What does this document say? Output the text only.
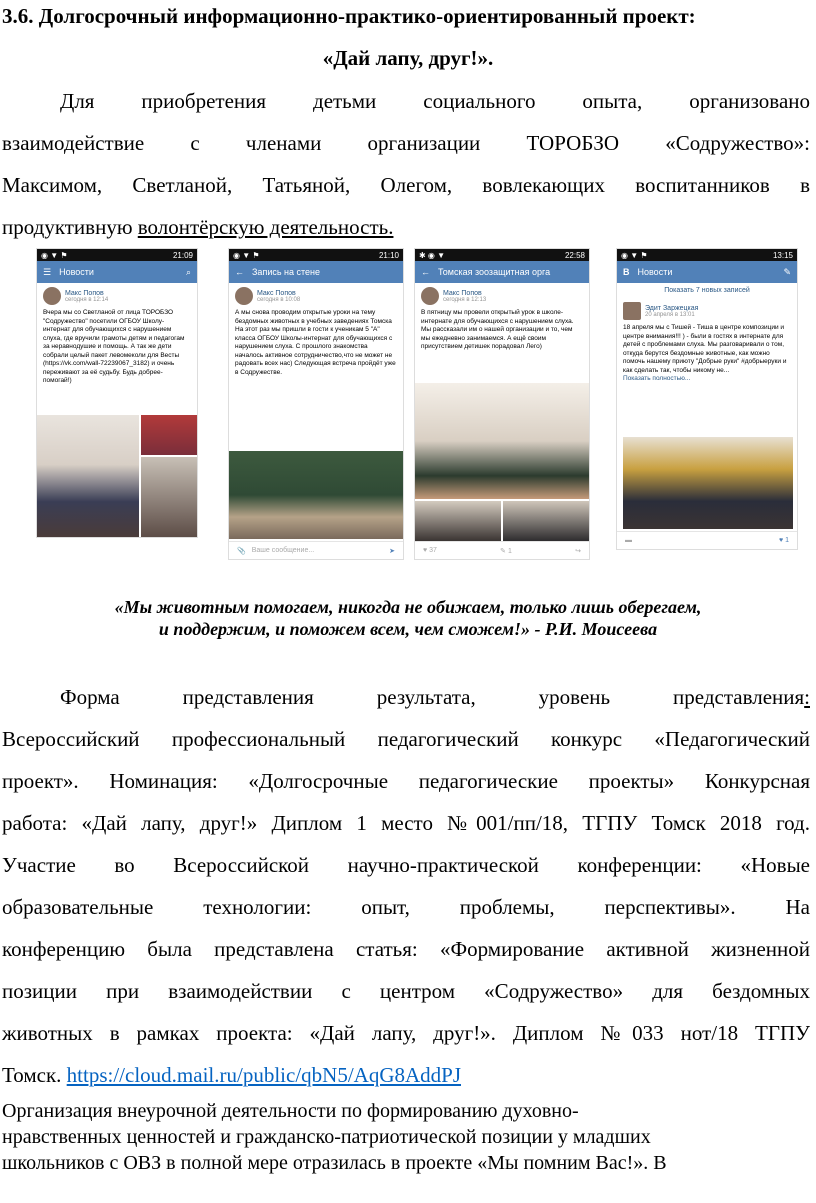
3.6. Долгосрочный информационно-практико-ориентированный проект:
«Дай лапу, друг!».
Для приобретения детьми социального опыта, организовано
взаимодействие с членами организации ТОРОБЗО «Содружество»:
Максимом, Светланой, Татьяной, Олегом, вовлекающих воспитанников в
продуктивную волонтёрскую деятельность.
◉ ▼ ⚑	21:09
☰ Новости	⌕
Макс Попов
сегодня в 12:14
Вчера мы со Светланой от лица ТОРОБЗО "Содружество" посетили ОГБОУ Школу-интернат для обучающихся с нарушением слуха, где вручили грамоты детям и педагогам за неравнодушие и помощь. А так же дети собрали целый пакет левомеколи для Весты (https://vk.com/wall-72239067_3182) и очень переживают за её судьбу. Будь добрее-помогай!)
◉ ▼ ⚑	21:10
← Запись на стене
Макс Попов
сегодня в 10:08
А мы снова проводим открытые уроки на тему бездомных животных в учебных заведениях Томска На этот раз мы пришли в гости к ученикам 5 "А" класса ОГБОУ Школы-интернат для обучающихся с нарушением слуха. С прошлого знакомства началось активное сотрудничество,что не может не радовать всех нас) Следующая встреча пройдёт уже в Содружестве.
📎 Ваше сообщение...	➤
✱ ◉ ▼	22:58
← Томская зоозащитная орга
Макс Попов
сегодня в 12:13
В пятницу мы провели открытый урок в школе-интернате для обучающихся с нарушением слуха. Мы рассказали им о нашей организации и то, чем мы ежедневно занимаемся. А ещё своим присутствием детишек порадовал Лего)
♥ 37	✎ 1	↪
◉ ▼ ⚑	13:15
В Новости	✎
Показать 7 новых записей
Эдит Заржецкая
20 апреля в 13:01
18 апреля мы с Тишей - Тиша в центре композиции и центре внимания!!! ) - были в гостях в интернате для детей с проблемами слуха. Мы разговаривали о том, откуда берутся бездомные животные, как можно помочь нашему приюту "Добрые руки" #добрыеруки и как сделать так, чтобы никому не...
Показать полностью...
▬	♥ 1
«Мы животным помогаем, никогда не обижаем, только лишь оберегаем,
и поддержим, и поможем всем, чем сможем!» - Р.И. Моисеева
Форма представления результата, уровень представления:
Всероссийский профессиональный педагогический конкурс «Педагогический
проект». Номинация: «Долгосрочные педагогические проекты» Конкурсная
работа: «Дай лапу, друг!» Диплом 1 место №001/пп/18, ТГПУ Томск 2018 год.
Участие во Всероссийской научно-практической конференции: «Новые
образовательные технологии: опыт, проблемы, перспективы». На
конференцию была представлена статья: «Формирование активной жизненной
позиции при взаимодействии с центром «Содружество» для бездомных
животных в рамках проекта: «Дай лапу, друг!». Диплом №033 нот/18 ТГПУ
Томск. https://cloud.mail.ru/public/qbN5/AqG8AddPJ
Организация внеурочной деятельности по формированию духовно-
нравственных ценностей и гражданско-патриотической позиции у младших
школьников с ОВЗ в полной мере отразилась в проекте «Мы помним Вас!». В
